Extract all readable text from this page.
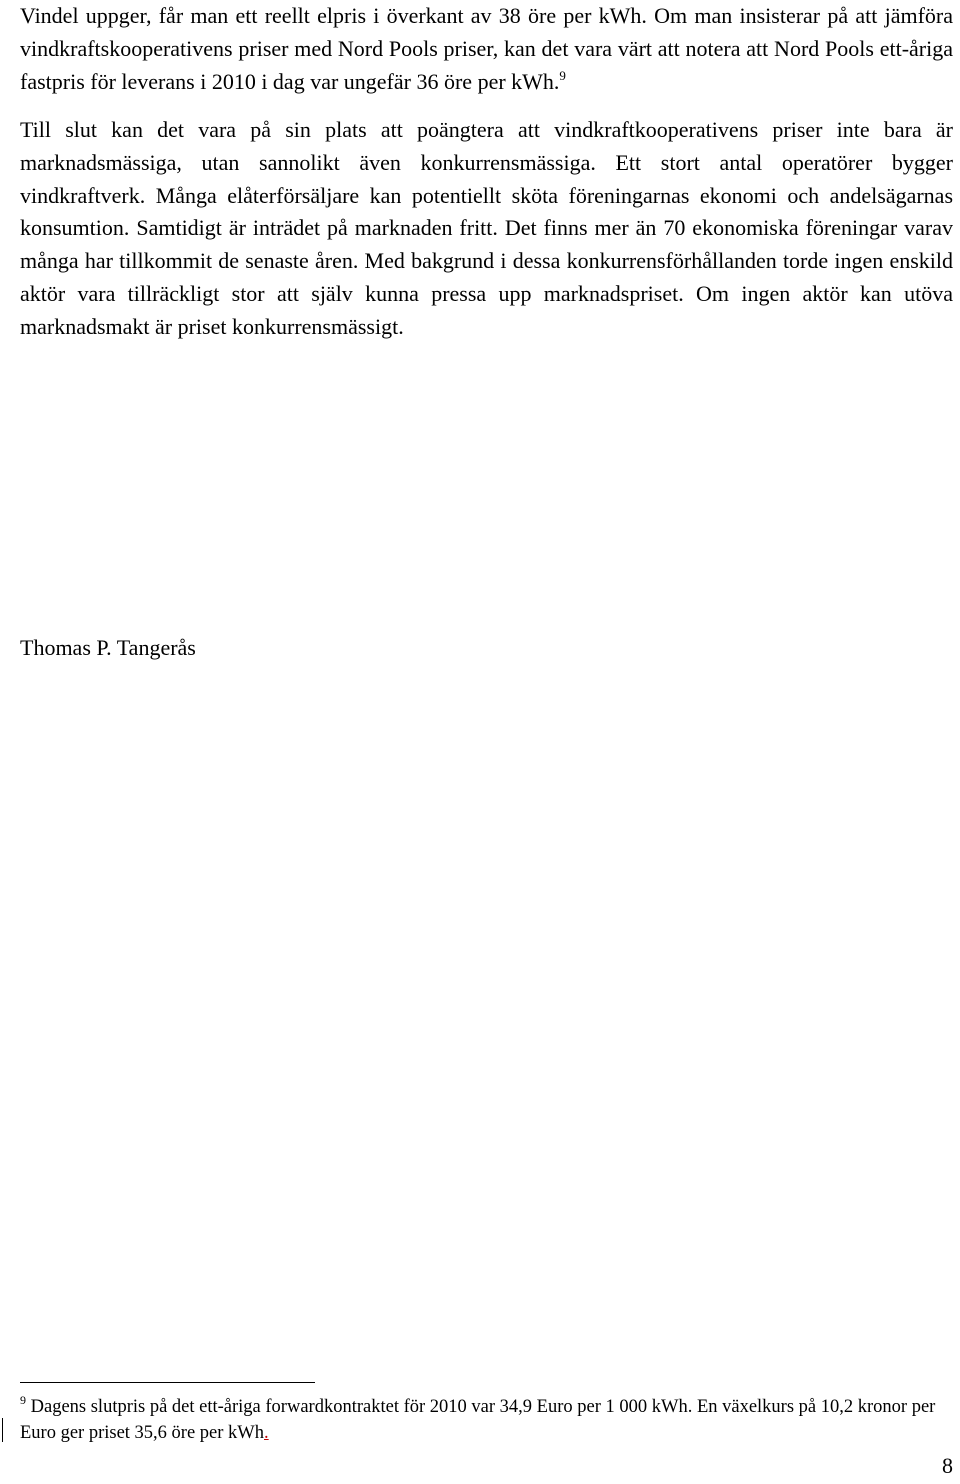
Vindel uppger, får man ett reellt elpris i överkant av 38 öre per kWh. Om man insisterar på att jämföra vindkraftskooperativens priser med Nord Pools priser, kan det vara värt att notera att Nord Pools ett-åriga fastpris för leverans i 2010 i dag var ungefär 36 öre per kWh.$^9$

Till slut kan det vara på sin plats att poängtera att vindkraftkooperativens priser inte bara är marknadsmässiga, utan sannolikt även konkurrensmässiga. Ett stort antal operatörer bygger vindkraftverk. Många elåterförsäljare kan potentiellt sköta föreningarnas ekonomi och andelsägarnas konsumtion. Samtidigt är inträdet på marknaden fritt. Det finns mer än 70 ekonomiska föreningar varav många har tillkommit de senaste åren. Med bakgrund i dessa konkurrensförhållanden torde ingen enskild aktör vara tillräckligt stor att själv kunna pressa upp marknadspriset. Om ingen aktör kan utöva marknadsmakt är priset konkurrensmässigt.

Thomas P. Tangerås

$^9$ Dagens slutpris på det ett-åriga forwardkontraktet för 2010 var 34,9 Euro per 1 000 kWh. En växelkurs på 10,2 kronor per Euro ger priset 35,6 öre per kWh.

8
